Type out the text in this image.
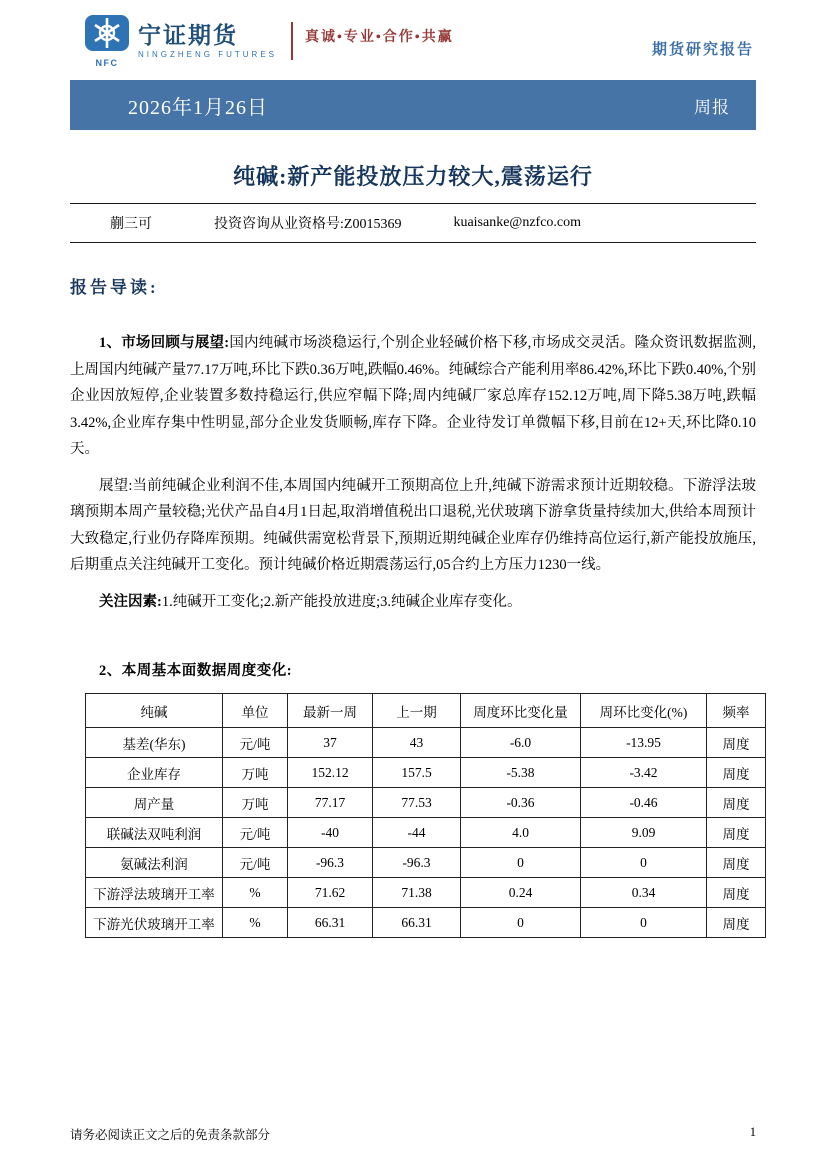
NFC
宁证期货
NINGZHENG FUTURES
真诚•专业•合作•共赢
期货研究报告
2026年1月26日	周报
纯碱:新产能投放压力较大,震荡运行
蒯三可	投资咨询从业资格号:Z0015369	kuaisanke@nzfco.com
报告导读:

1、市场回顾与展望:国内纯碱市场淡稳运行,个别企业轻碱价格下移,市场成交灵活。隆众资讯数据监测,上周国内纯碱产量77.17万吨,环比下跌0.36万吨,跌幅0.46%。纯碱综合产能利用率86.42%,环比下跌0.40%,个别企业因放短停,企业装置多数持稳运行,供应窄幅下降;周内纯碱厂家总库存152.12万吨,周下降5.38万吨,跌幅3.42%,企业库存集中性明显,部分企业发货顺畅,库存下降。企业待发订单微幅下移,目前在12+天,环比降0.10天。

展望:当前纯碱企业利润不佳,本周国内纯碱开工预期高位上升,纯碱下游需求预计近期较稳。下游浮法玻璃预期本周产量较稳;光伏产品自4月1日起,取消增值税出口退税,光伏玻璃下游拿货量持续加大,供给本周预计大致稳定,行业仍存降库预期。纯碱供需宽松背景下,预期近期纯碱企业库存仍维持高位运行,新产能投放施压,后期重点关注纯碱开工变化。预计纯碱价格近期震荡运行,05合约上方压力1230一线。

关注因素:1.纯碱开工变化;2.新产能投放进度;3.纯碱企业库存变化。

2、本周基本面数据周度变化:
纯碱	单位	最新一周	上一期	周度环比变化量	周环比变化(%)	频率
基差(华东)	元/吨	37	43	-6.0	-13.95	周度
企业库存	万吨	152.12	157.5	-5.38	-3.42	周度
周产量	万吨	77.17	77.53	-0.36	-0.46	周度
联碱法双吨利润	元/吨	-40	-44	4.0	9.09	周度
氨碱法利润	元/吨	-96.3	-96.3	0	0	周度
下游浮法玻璃开工率	%	71.62	71.38	0.24	0.34	周度
下游光伏玻璃开工率	%	66.31	66.31	0	0	周度
请务必阅读正文之后的免责条款部分	1
